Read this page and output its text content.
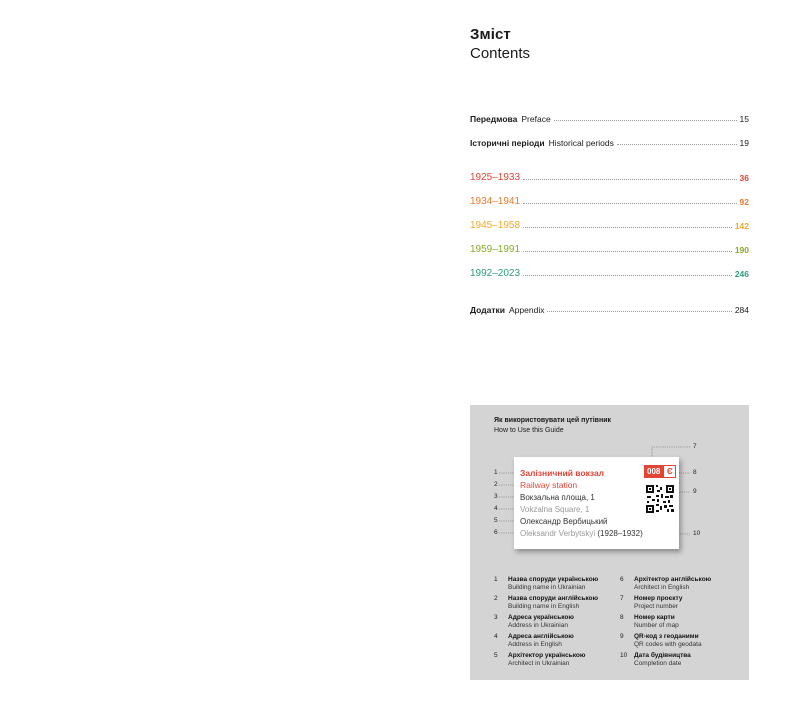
Зміст
Contents
Передмова Preface	15
Історичні періоди Historical periods	19
1925–1933	36
1934–1941	92
1945–1958	142
1959–1991	190
1992–2023	246
Додатки Appendix	284
Як використовувати цей путівник
How to Use this Guide
Залізничний вокзал
Railway station
Вокзальна площа, 1
Vokzalna Square, 1
Олександр Вербицький
Oleksandr Verbytskyi (1928–1932)
008 Є
1
2
3
4
5
6
7
8
9
10
1 Назва споруди українською
Building name in Ukrainian
2 Назва споруди англійською
Building name in English
3 Адреса українською
Address in Ukrainian
4 Адреса англійською
Address in English
5 Архітектор українською
Architect in Ukrainian
6 Архітектор англійською
Architect in English
7 Номер проєкту
Project number
8 Номер карти
Number of map
9 QR-код з геоданими
QR codes with geodata
10 Дата будівництва
Completion date
